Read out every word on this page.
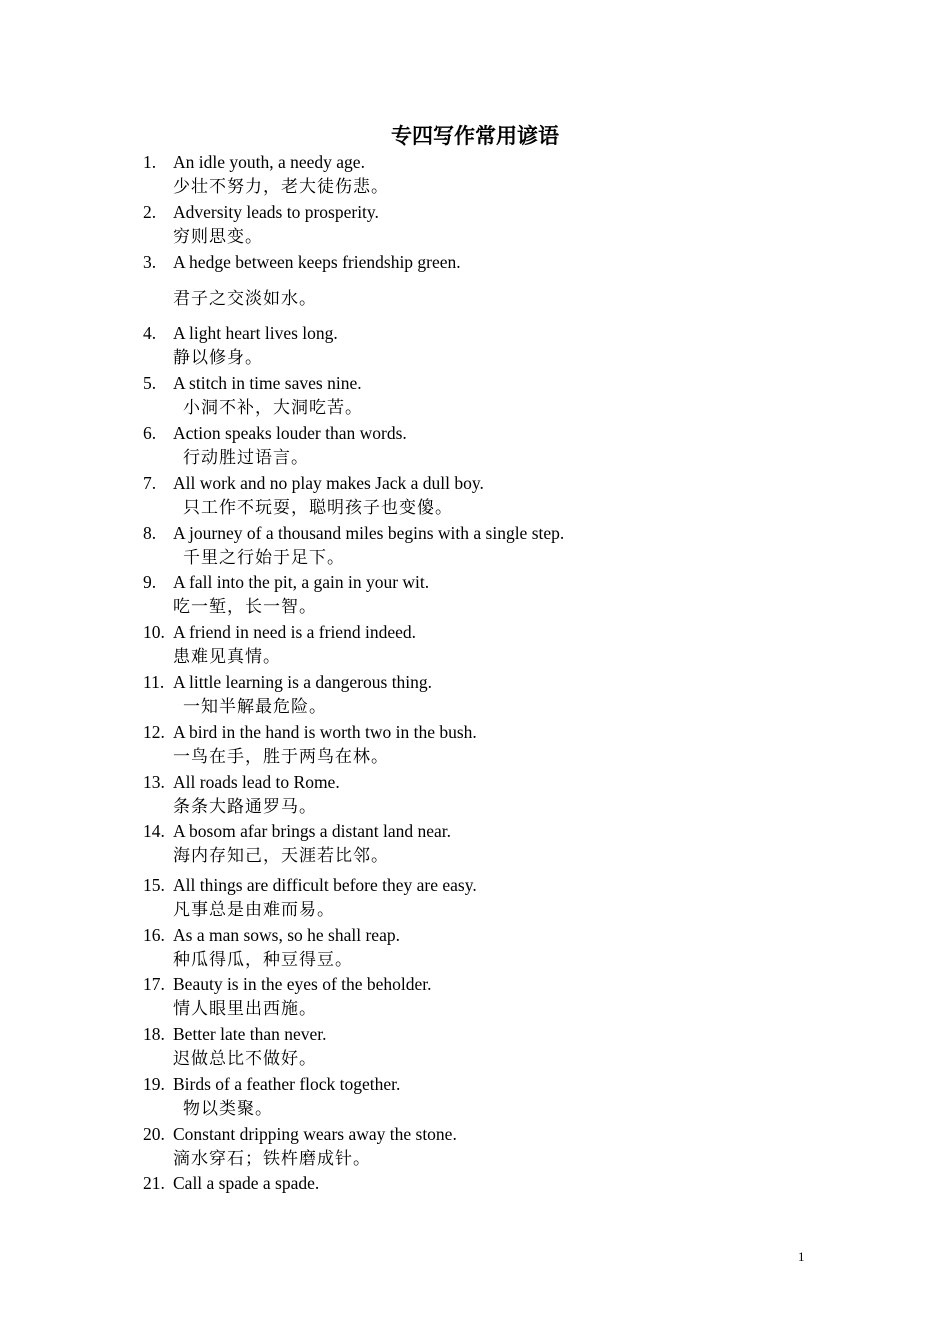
专四写作常用谚语
1. An idle youth, a needy age.
少壮不努力，老大徒伤悲。
2. Adversity leads to prosperity.
穷则思变。
3. A hedge between keeps friendship green.
君子之交淡如水。
4. A light heart lives long.
静以修身。
5. A stitch in time saves nine.
小洞不补，大洞吃苦。
6. Action speaks louder than words.
行动胜过语言。
7. All work and no play makes Jack a dull boy.
只工作不玩耍，聪明孩子也变傻。
8. A journey of a thousand miles begins with a single step.
千里之行始于足下。
9. A fall into the pit, a gain in your wit.
吃一堑，长一智。
10. A friend in need is a friend indeed.
患难见真情。
11. A little learning is a dangerous thing.
一知半解最危险。
12. A bird in the hand is worth two in the bush.
一鸟在手，胜于两鸟在林。
13. All roads lead to Rome.
条条大路通罗马。
14. A bosom afar brings a distant land near.
海内存知己，天涯若比邻。
15. All things are difficult before they are easy.
凡事总是由难而易。
16. As a man sows, so he shall reap.
种瓜得瓜，种豆得豆。
17. Beauty is in the eyes of the beholder.
情人眼里出西施。
18. Better late than never.
迟做总比不做好。
19. Birds of a feather flock together.
物以类聚。
20. Constant dripping wears away the stone.
滴水穿石；铁杵磨成针。
21. Call a spade a spade.
1
